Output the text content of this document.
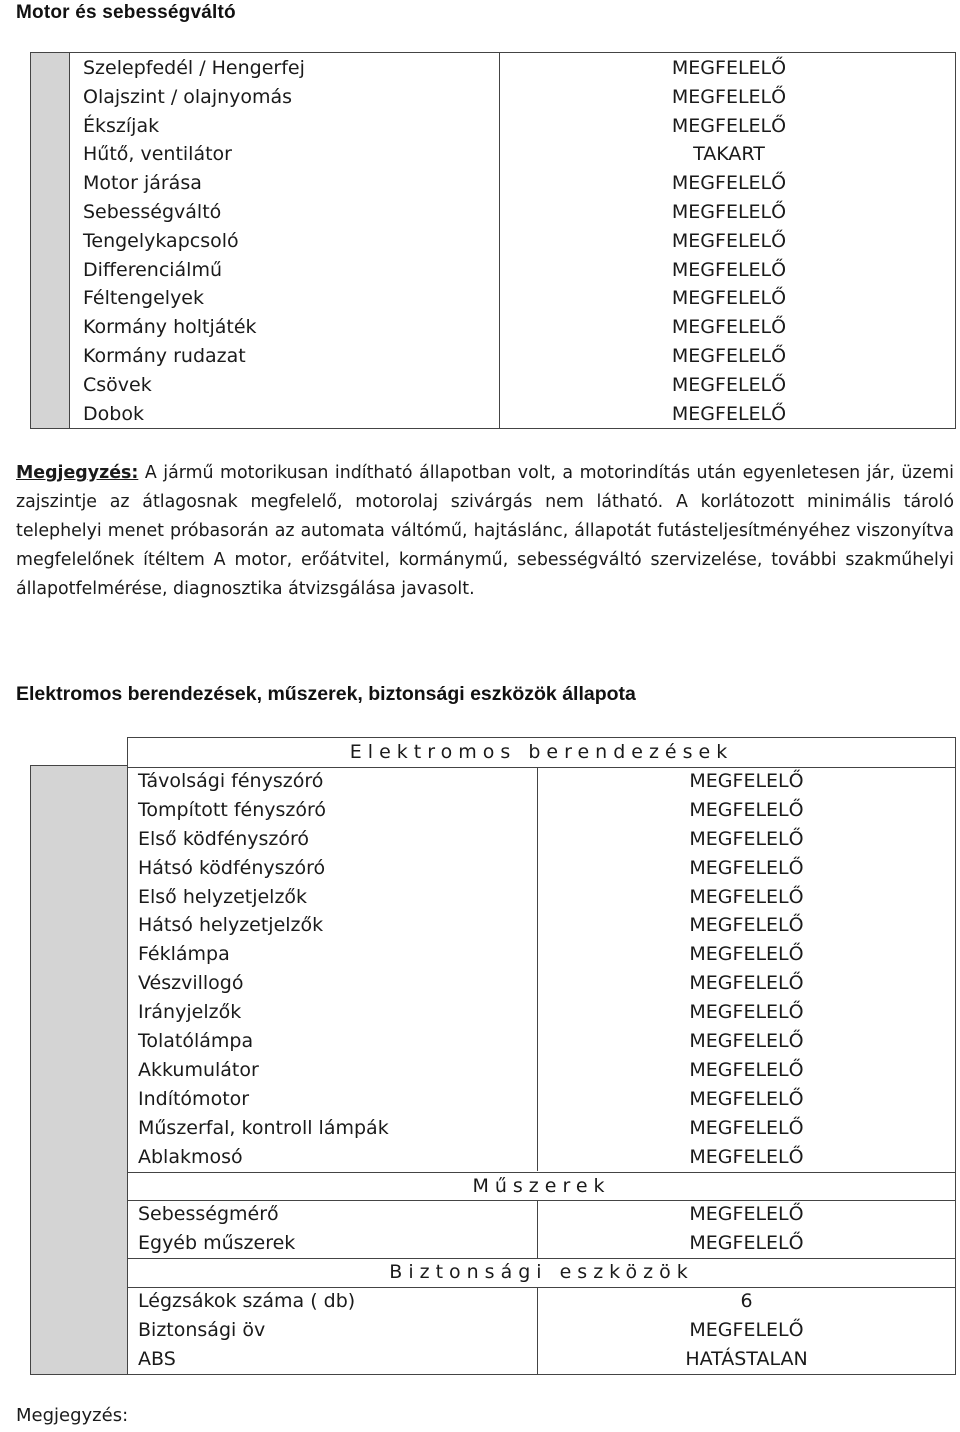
Motor és sebességváltó
Szelepfedél / Hengerfej	MEGFELELŐ
Olajszint / olajnyomás	MEGFELELŐ
Ékszíjak	MEGFELELŐ
Hűtő, ventilátor	TAKART
Motor járása	MEGFELELŐ
Sebességváltó	MEGFELELŐ
Tengelykapcsoló	MEGFELELŐ
Differenciálmű	MEGFELELŐ
Féltengelyek	MEGFELELŐ
Kormány holtjáték	MEGFELELŐ
Kormány rudazat	MEGFELELŐ
Csövek	MEGFELELŐ
Dobok	MEGFELELŐ
Megjegyzés: A jármű motorikusan indítható állapotban volt, a motorindítás után egyenletesen jár, üzemi zajszintje az átlagosnak megfelelő, motorolaj szivárgás nem látható. A korlátozott minimális tároló telephelyi menet próbasorán az automata váltómű, hajtáslánc, állapotát futásteljesítményéhez viszonyítva megfelelőnek ítéltem A motor, erőátvitel, kormánymű, sebességváltó szervizelése, további szakműhelyi állapotfelmérése, diagnosztika átvizsgálása javasolt.
Elektromos berendezések, műszerek, biztonsági eszközök állapota
Elektromos berendezések
Távolsági fényszóró	MEGFELELŐ
Tompított fényszóró	MEGFELELŐ
Első ködfényszóró	MEGFELELŐ
Hátsó ködfényszóró	MEGFELELŐ
Első helyzetjelzők	MEGFELELŐ
Hátsó helyzetjelzők	MEGFELELŐ
Féklámpa	MEGFELELŐ
Vészvillogó	MEGFELELŐ
Irányjelzők	MEGFELELŐ
Tolatólámpa	MEGFELELŐ
Akkumulátor	MEGFELELŐ
Indítómotor	MEGFELELŐ
Műszerfal, kontroll lámpák	MEGFELELŐ
Ablakmosó	MEGFELELŐ
Műszerek
Sebességmérő	MEGFELELŐ
Egyéb műszerek	MEGFELELŐ
Biztonsági eszközök
Légzsákok száma ( db)	6
Biztonsági öv	MEGFELELŐ
ABS	HATÁSTALAN
Megjegyzés:
